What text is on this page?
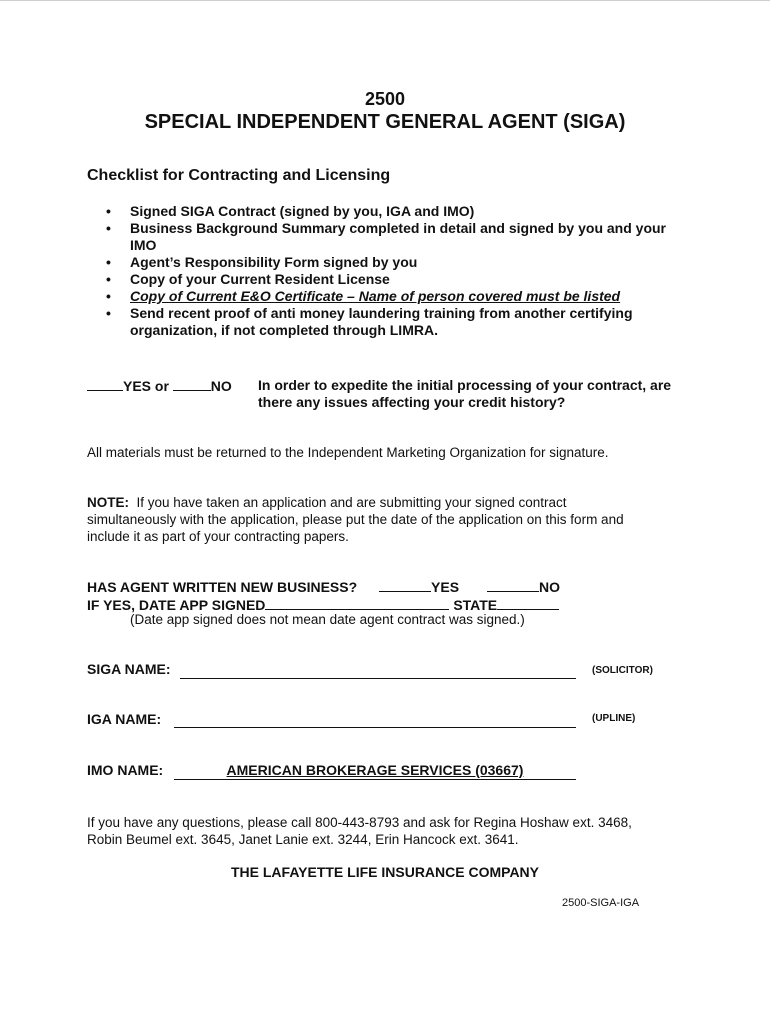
2500
SPECIAL INDEPENDENT GENERAL AGENT (SIGA)
Checklist for Contracting and Licensing
• Signed SIGA Contract (signed by you, IGA and IMO)
• Business Background Summary completed in detail and signed by you and your
IMO
• Agent’s Responsibility Form signed by you
• Copy of your Current Resident License
• Copy of Current E&O Certificate – Name of person covered must be listed
• Send recent proof of anti money laundering training from another certifying
organization, if not completed through LIMRA.
YES or	NO In order to expedite the initial processing of your contract, are
there any issues affecting your credit history?
All materials must be returned to the Independent Marketing Organization for signature.
NOTE: If you have taken an application and are submitting your signed contract
simultaneously with the application, please put the date of the application on this form and
include it as part of your contracting papers.
HAS AGENT WRITTEN NEW BUSINESS?	YES	NO
IF YES, DATE APP SIGNED	STATE
(Date app signed does not mean date agent contract was signed.)
SIGA NAME:	(SOLICITOR)
IGA NAME:	(UPLINE)
IMO NAME:	AMERICAN BROKERAGE SERVICES (03667)
If you have any questions, please call 800-443-8793 and ask for Regina Hoshaw ext. 3468,
Robin Beumel ext. 3645, Janet Lanie ext. 3244, Erin Hancock ext. 3641.
THE LAFAYETTE LIFE INSURANCE COMPANY
2500-SIGA-IGA
